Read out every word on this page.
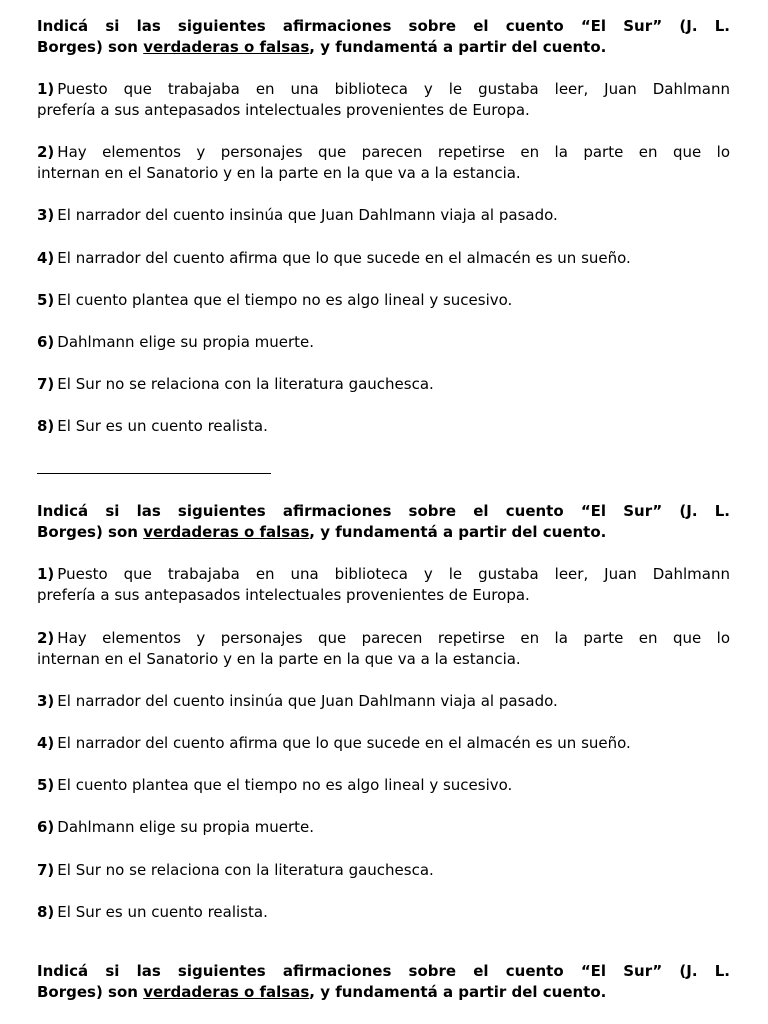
Indicá si las siguientes afirmaciones sobre el cuento “El Sur” (J. L.
Borges) son verdaderas o falsas, y fundamentá a partir del cuento.
1) Puesto que trabajaba en una biblioteca y le gustaba leer, Juan Dahlmann
prefería a sus antepasados intelectuales provenientes de Europa.
2) Hay elementos y personajes que parecen repetirse en la parte en que lo
internan en el Sanatorio y en la parte en la que va a la estancia.
3) El narrador del cuento insinúa que Juan Dahlmann viaja al pasado.
4) El narrador del cuento afirma que lo que sucede en el almacén es un sueño.
5) El cuento plantea que el tiempo no es algo lineal y sucesivo.
6) Dahlmann elige su propia muerte.
7) El Sur no se relaciona con la literatura gauchesca.
8) El Sur es un cuento realista.
Indicá si las siguientes afirmaciones sobre el cuento “El Sur” (J. L.
Borges) son verdaderas o falsas, y fundamentá a partir del cuento.
1) Puesto que trabajaba en una biblioteca y le gustaba leer, Juan Dahlmann
prefería a sus antepasados intelectuales provenientes de Europa.
2) Hay elementos y personajes que parecen repetirse en la parte en que lo
internan en el Sanatorio y en la parte en la que va a la estancia.
3) El narrador del cuento insinúa que Juan Dahlmann viaja al pasado.
4) El narrador del cuento afirma que lo que sucede en el almacén es un sueño.
5) El cuento plantea que el tiempo no es algo lineal y sucesivo.
6) Dahlmann elige su propia muerte.
7) El Sur no se relaciona con la literatura gauchesca.
8) El Sur es un cuento realista.
Indicá si las siguientes afirmaciones sobre el cuento “El Sur” (J. L.
Borges) son verdaderas o falsas, y fundamentá a partir del cuento.
